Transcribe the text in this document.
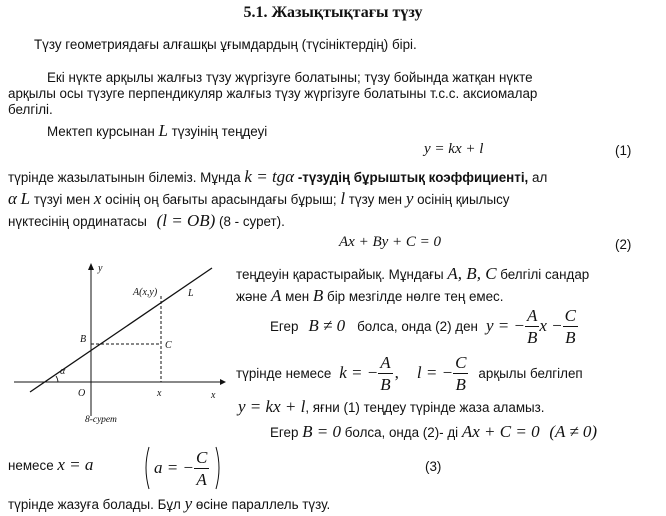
5.1. Жазықтықтағы түзу
Түзу геометриядағы алғашқы ұғымдардың (түсініктердің) бірі.
Екі нүкте арқылы жалғыз түзу жүргізуге болатыны; түзу бойында жатқан нүкте
арқылы осы түзуге перпендикуляр жалғыз түзу жүргізуге болатыны т.с.с. аксиомалар
белгілі.
Мектеп курсынан L түзуінің теңдеуі
y = kx + l	(1)
түрінде жазылатынын білеміз. Мұнда k = tgα -түзудің бұрыштық коэффициенті, ал
α L түзуі мен x осінің оң бағыты арасындағы бұрыш; l түзу мен y осінің қиылысу
нүктесінің ординатасы (l = OB) (8 - сурет).
Ax + By + C = 0	(2)
y
A(x,y)	L
B
C
α
O	x	x
8-сурет
теңдеуін қарастырайық. Мұндағы A, B, C белгілі сандар
және A мен B бір мезгілде нөлге тең емес.
Егер B ≠ 0 болса, онда (2) ден y = − $\frac{A}{B}$ $x - \frac{C}{B}$
түрінде немесе k = − $\frac{A}{B}$ , l = − $\frac{C}{B}$ арқылы белгілеп
y = kx + l, яғни (1) теңдеу түрінде жаза аламыз.
Егер B = 0 болса, онда (2)- ді Ax + C = 0 (A ≠ 0)
немесе x = a	a = − $\frac{C}{A}$	(3)
түрінде жазуға болады. Бұл y өсіне параллель түзу.
